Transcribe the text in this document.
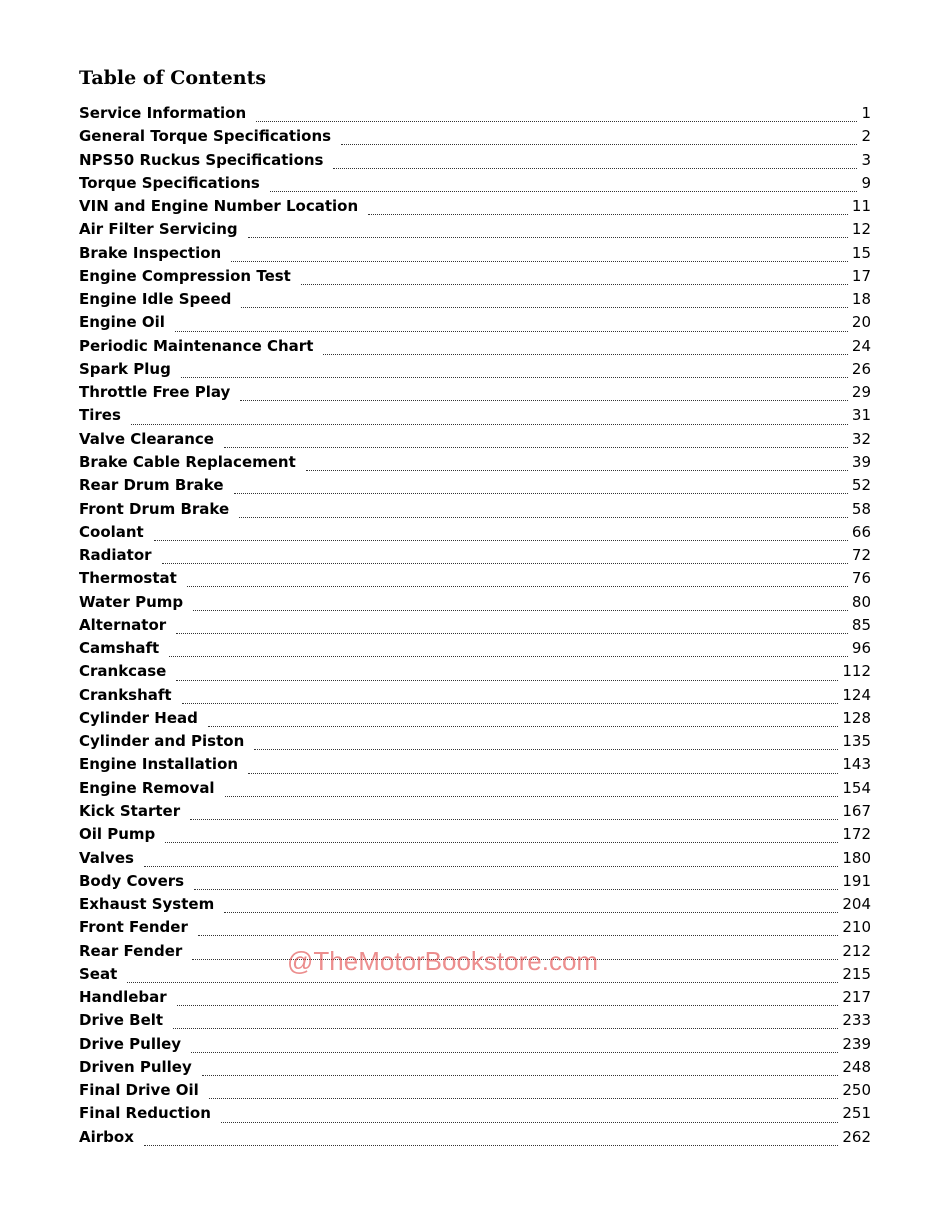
Table of Contents
Service Information	1
General Torque Specifications	2
NPS50 Ruckus Specifications	3
Torque Specifications	9
VIN and Engine Number Location	11
Air Filter Servicing	12
Brake Inspection	15
Engine Compression Test	17
Engine Idle Speed	18
Engine Oil	20
Periodic Maintenance Chart	24
Spark Plug	26
Throttle Free Play	29
Tires	31
Valve Clearance	32
Brake Cable Replacement	39
Rear Drum Brake	52
Front Drum Brake	58
Coolant	66
Radiator	72
Thermostat	76
Water Pump	80
Alternator	85
Camshaft	96
Crankcase	112
Crankshaft	124
Cylinder Head	128
Cylinder and Piston	135
Engine Installation	143
Engine Removal	154
Kick Starter	167
Oil Pump	172
Valves	180
Body Covers	191
Exhaust System	204
Front Fender	210
Rear Fender	212
Seat	215
Handlebar	217
Drive Belt	233
Drive Pulley	239
Driven Pulley	248
Final Drive Oil	250
Final Reduction	251
Airbox	262
@TheMotorBookstore.com
